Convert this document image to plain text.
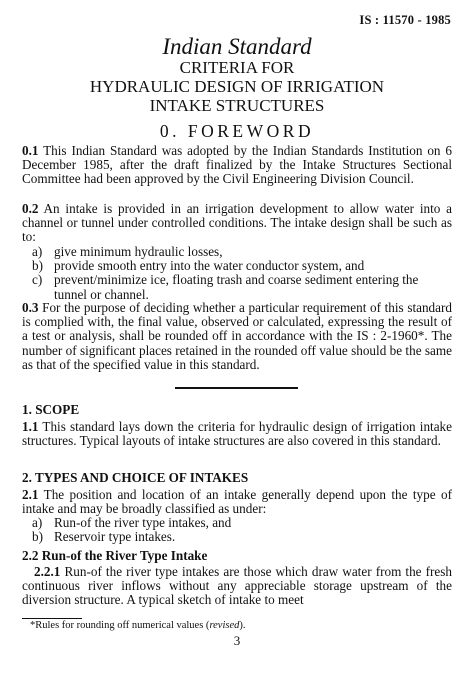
IS : 11570 - 1985
Indian Standard
CRITERIA FOR
HYDRAULIC DESIGN OF IRRIGATION
INTAKE STRUCTURES
0. FOREWORD

0.1 This Indian Standard was adopted by the Indian Standards Institution on 6 December 1985, after the draft finalized by the Intake Structures Sectional Committee had been approved by the Civil Engineering Division Council.

0.2 An intake is provided in an irrigation development to allow water into a channel or tunnel under controlled conditions. The intake design shall be such as to:

a) give minimum hydraulic losses,
b) provide smooth entry into the water conductor system, and
c) prevent/minimize ice, floating trash and coarse sediment entering the tunnel or channel.

0.3 For the purpose of deciding whether a particular requirement of this standard is complied with, the final value, observed or calculated, expressing the result of a test or analysis, shall be rounded off in accordance with the IS : 2-1960*. The number of significant places retained in the rounded off value should be the same as that of the specified value in this standard.

1. SCOPE

1.1 This standard lays down the criteria for hydraulic design of irrigation intake structures. Typical layouts of intake structures are also covered in this standard.

2. TYPES AND CHOICE OF INTAKES

2.1 The position and location of an intake generally depend upon the type of intake and may be broadly classified as under:

a) Run-of the river type intakes, and
b) Reservoir type intakes.

2.2 Run-of the River Type Intake

2.2.1 Run-of the river type intakes are those which draw water from the fresh continuous river inflows without any appreciable storage upstream of the diversion structure. A typical sketch of intake to meet

*Rules for rounding off numerical values (revised).
3
